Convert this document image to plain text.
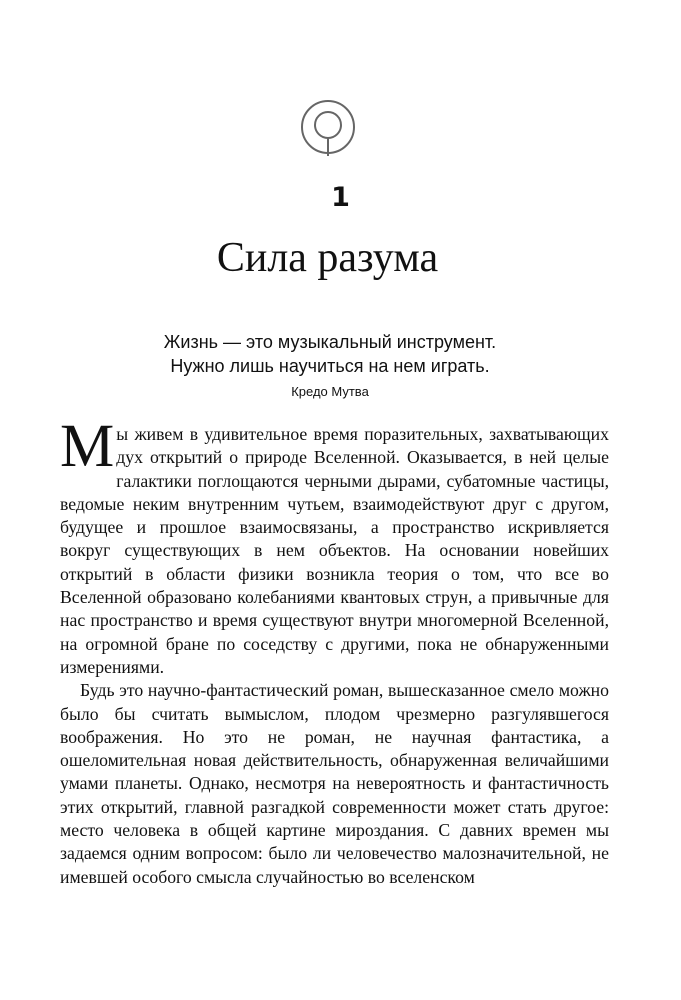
1
Сила разума
Жизнь — это музыкальный инструмент.
Нужно лишь научиться на нем играть.
Кредо Мутва

Мы живем в удивительное время поразительных, захватывающих дух открытий о природе Вселенной. Оказывается, в ней целые галактики поглощаются черными дырами, субатомные частицы, ведомые неким внутренним чутьем, взаимодействуют друг с другом, будущее и прошлое взаимосвязаны, а пространство искривляется вокруг существующих в нем объектов. На основании новейших открытий в области физики возникла теория о том, что все во Вселенной образовано колебаниями квантовых струн, а привычные для нас пространство и время существуют внутри многомерной Вселенной, на огромной бране по соседству с другими, пока не обнаруженными измерениями.

Будь это научно-фантастический роман, вышесказанное смело можно было бы считать вымыслом, плодом чрезмерно разгулявшегося воображения. Но это не роман, не научная фантастика, а ошеломительная новая действительность, обнаруженная величайшими умами планеты. Однако, несмотря на невероятность и фантастичность этих открытий, главной разгадкой современности может стать другое: место человека в общей картине мироздания. С давних времен мы задаемся одним вопросом: было ли человечество малозначительной, не имевшей особого смысла случайностью во вселенском
